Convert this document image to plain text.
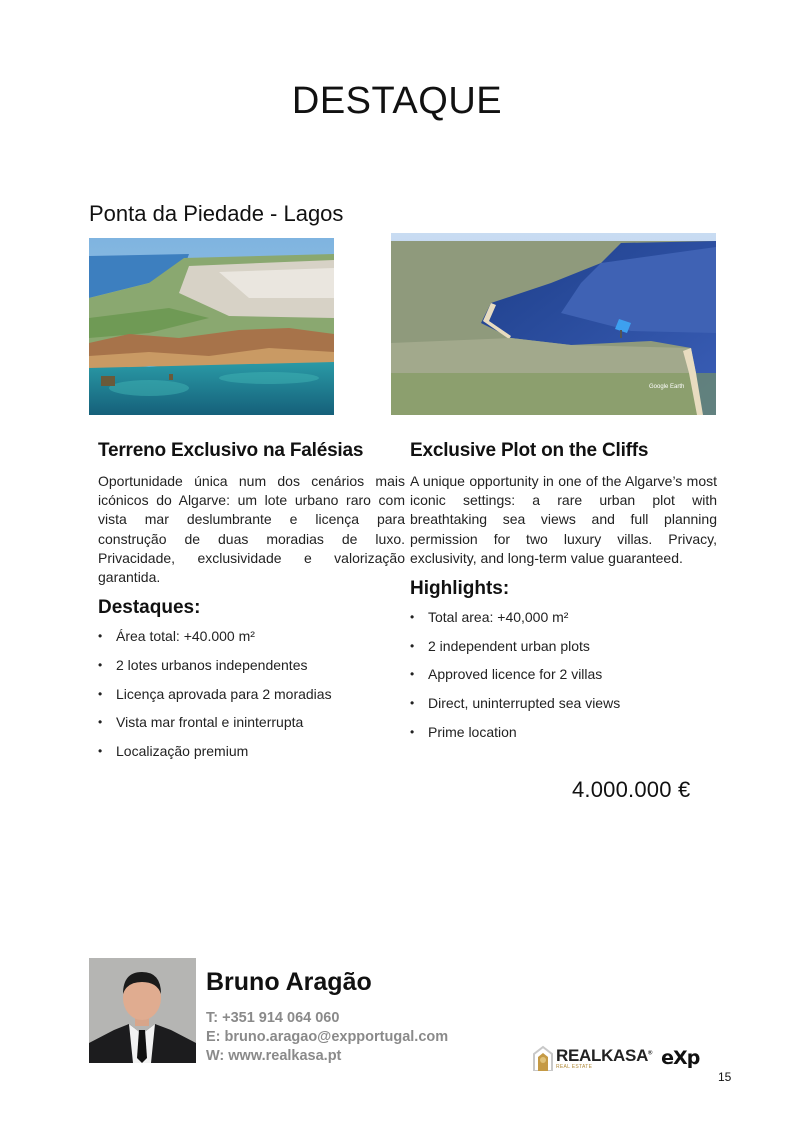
DESTAQUE
Ponta da Piedade - Lagos
Google Earth
Terreno Exclusivo na Falésias

Oportunidade única num dos cenários mais icónicos do Algarve: um lote urbano raro com vista mar deslumbrante e licença para construção de duas moradias de luxo. Privacidade, exclusividade e valorização garantida.

Destaques:
• Área total: +40.000 m²
• 2 lotes urbanos independentes
• Licença aprovada para 2 moradias
• Vista mar frontal e ininterrupta
• Localização premium
Exclusive Plot on the Cliffs

A unique opportunity in one of the Algarve’s most iconic settings: a rare urban plot with breathtaking sea views and full planning permission for two luxury villas. Privacy, exclusivity, and long-term value guaranteed.

Highlights:
• Total area: +40,000 m²
• 2 independent urban plots
• Approved licence for 2 villas
• Direct, uninterrupted sea views
• Prime location
4.000.000 €
Bruno Aragão
T: +351 914 064 060
E: bruno.aragao@expportugal.com
W: www.realkasa.pt	REALKASA®
REAL ESTATE	eXp
15
